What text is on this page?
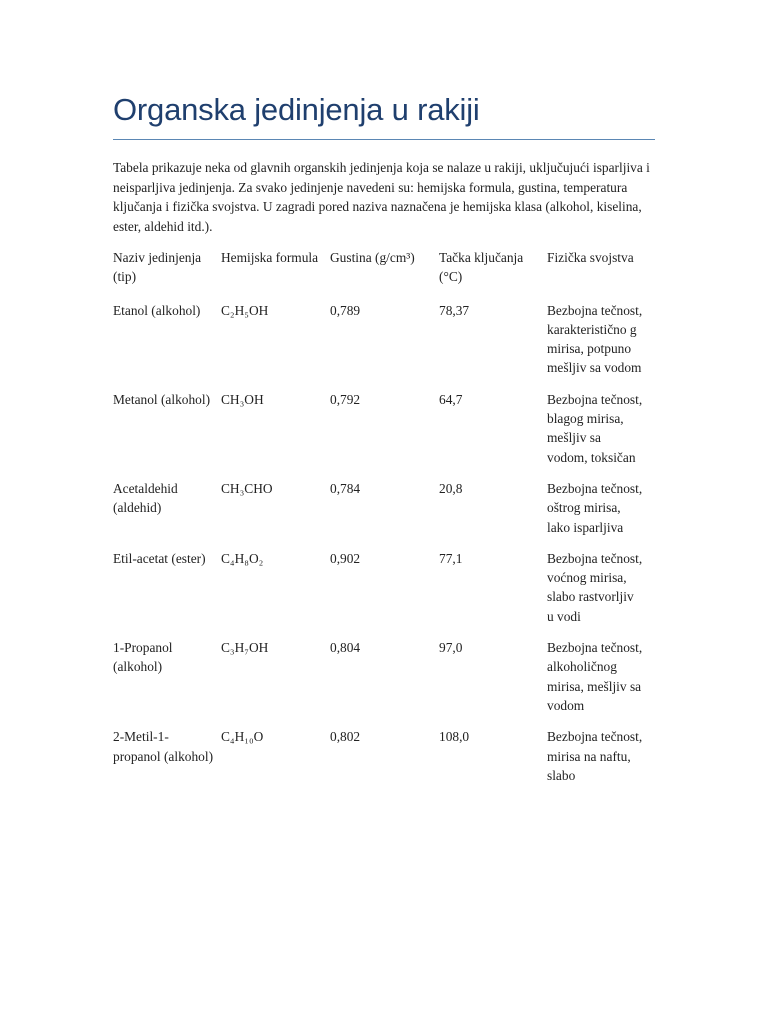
Organska jedinjenja u rakiji

Tabela prikazuje neka od glavnih organskih jedinjenja koja se nalaze u rakiji, uključujući isparljiva i neisparljiva jedinjenja. Za svako jedinjenje navedeni su: hemijska formula, gustina, temperatura ključanja i fizička svojstva. U zagradi pored naziva naznačena je hemijska klasa (alkohol, kiselina, ester, aldehid itd.).

Naziv jedinjenja (tip)	Hemijska formula	Gustina (g/cm³)	Tačka ključanja (°C)	Fizička svojstva

Etanol (alkohol)	C₂H₅OH	0,789	78,37	Bezbojna tečnost, karakteristično g mirisa, potpuno mešljiv sa vodom

Metanol (alkohol)	CH₃OH	0,792	64,7	Bezbojna tečnost, blagog mirisa, mešljiv sa vodom, toksičan

Acetaldehid (aldehid)	CH₃CHO	0,784	20,8	Bezbojna tečnost, oštrog mirisa, lako isparljiva

Etil-acetat (ester)	C₄H₈O₂	0,902	77,1	Bezbojna tečnost, voćnog mirisa, slabo rastvorljiv u vodi

1-Propanol (alkohol)	C₃H₇OH	0,804	97,0	Bezbojna tečnost, alkoholičnog mirisa, mešljiv sa vodom

2-Metil-1-propanol (alkohol)	C₄H₁₀O	0,802	108,0	Bezbojna tečnost, mirisa na naftu, slabo
